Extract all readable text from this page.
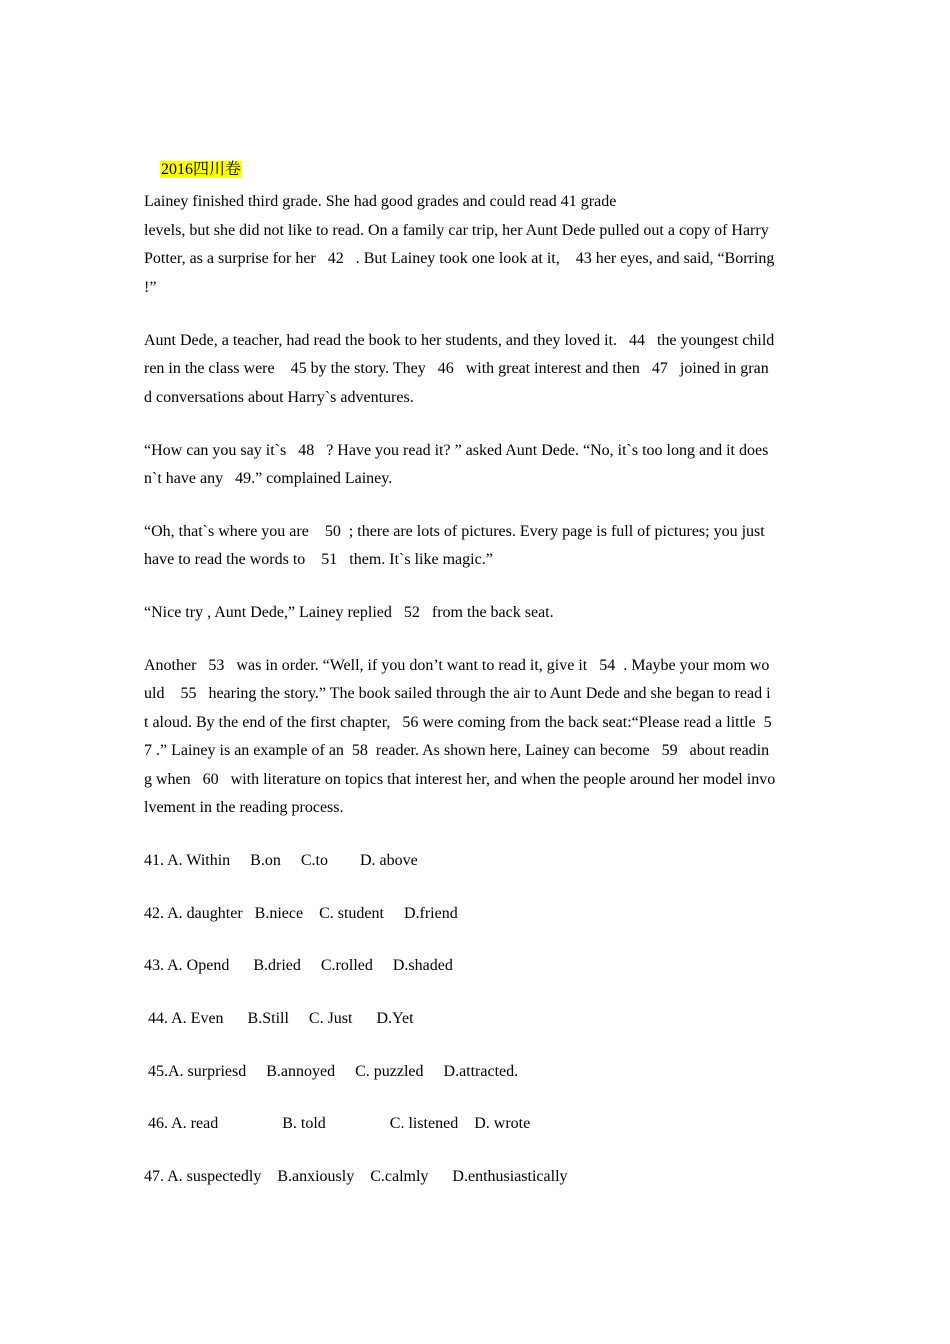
2016四川卷

Lainey finished third grade. She had good grades and could read 41 grade
levels, but she did not like to read. On a family car trip, her Aunt Dede pulled out a copy of Harry
Potter, as a surprise for her   42   . But Lainey took one look at it,    43 her eyes, and said, “Borring
!”
Aunt Dede, a teacher, had read the book to her students, and they loved it.   44   the youngest child
ren in the class were    45 by the story. They   46   with great interest and then   47   joined in gran
d conversations about Harry`s adventures.
“How can you say it`s   48   ? Have you read it? ” asked Aunt Dede. “No, it`s too long and it does
n`t have any   49.” complained Lainey.
“Oh, that`s where you are    50  ; there are lots of pictures. Every page is full of pictures; you just
have to read the words to    51   them. It`s like magic.”
“Nice try , Aunt Dede,” Lainey replied   52   from the back seat.
Another   53   was in order. “Well, if you don’t want to read it, give it   54  . Maybe your mom wo
uld    55   hearing the story.” The book sailed through the air to Aunt Dede and she began to read i
t aloud. By the end of the first chapter,   56 were coming from the back seat:“Please read a little  5
7 .” Lainey is an example of an  58  reader. As shown here, Lainey can become   59   about readin
g when   60   with literature on topics that interest her, and when the people around her model invo
lvement in the reading process.
41. A. Within     B.on     C.to        D. above
42. A. daughter   B.niece    C. student     D.friend
43. A. Opend      B.dried     C.rolled     D.shaded
44. A. Even      B.Still     C. Just      D.Yet
45.A. surpriesd     B.annoyed     C. puzzled     D.attracted.
46. A. read                B. told                C. listened    D. wrote
47. A. suspectedly    B.anxiously    C.calmly      D.enthusiastically
